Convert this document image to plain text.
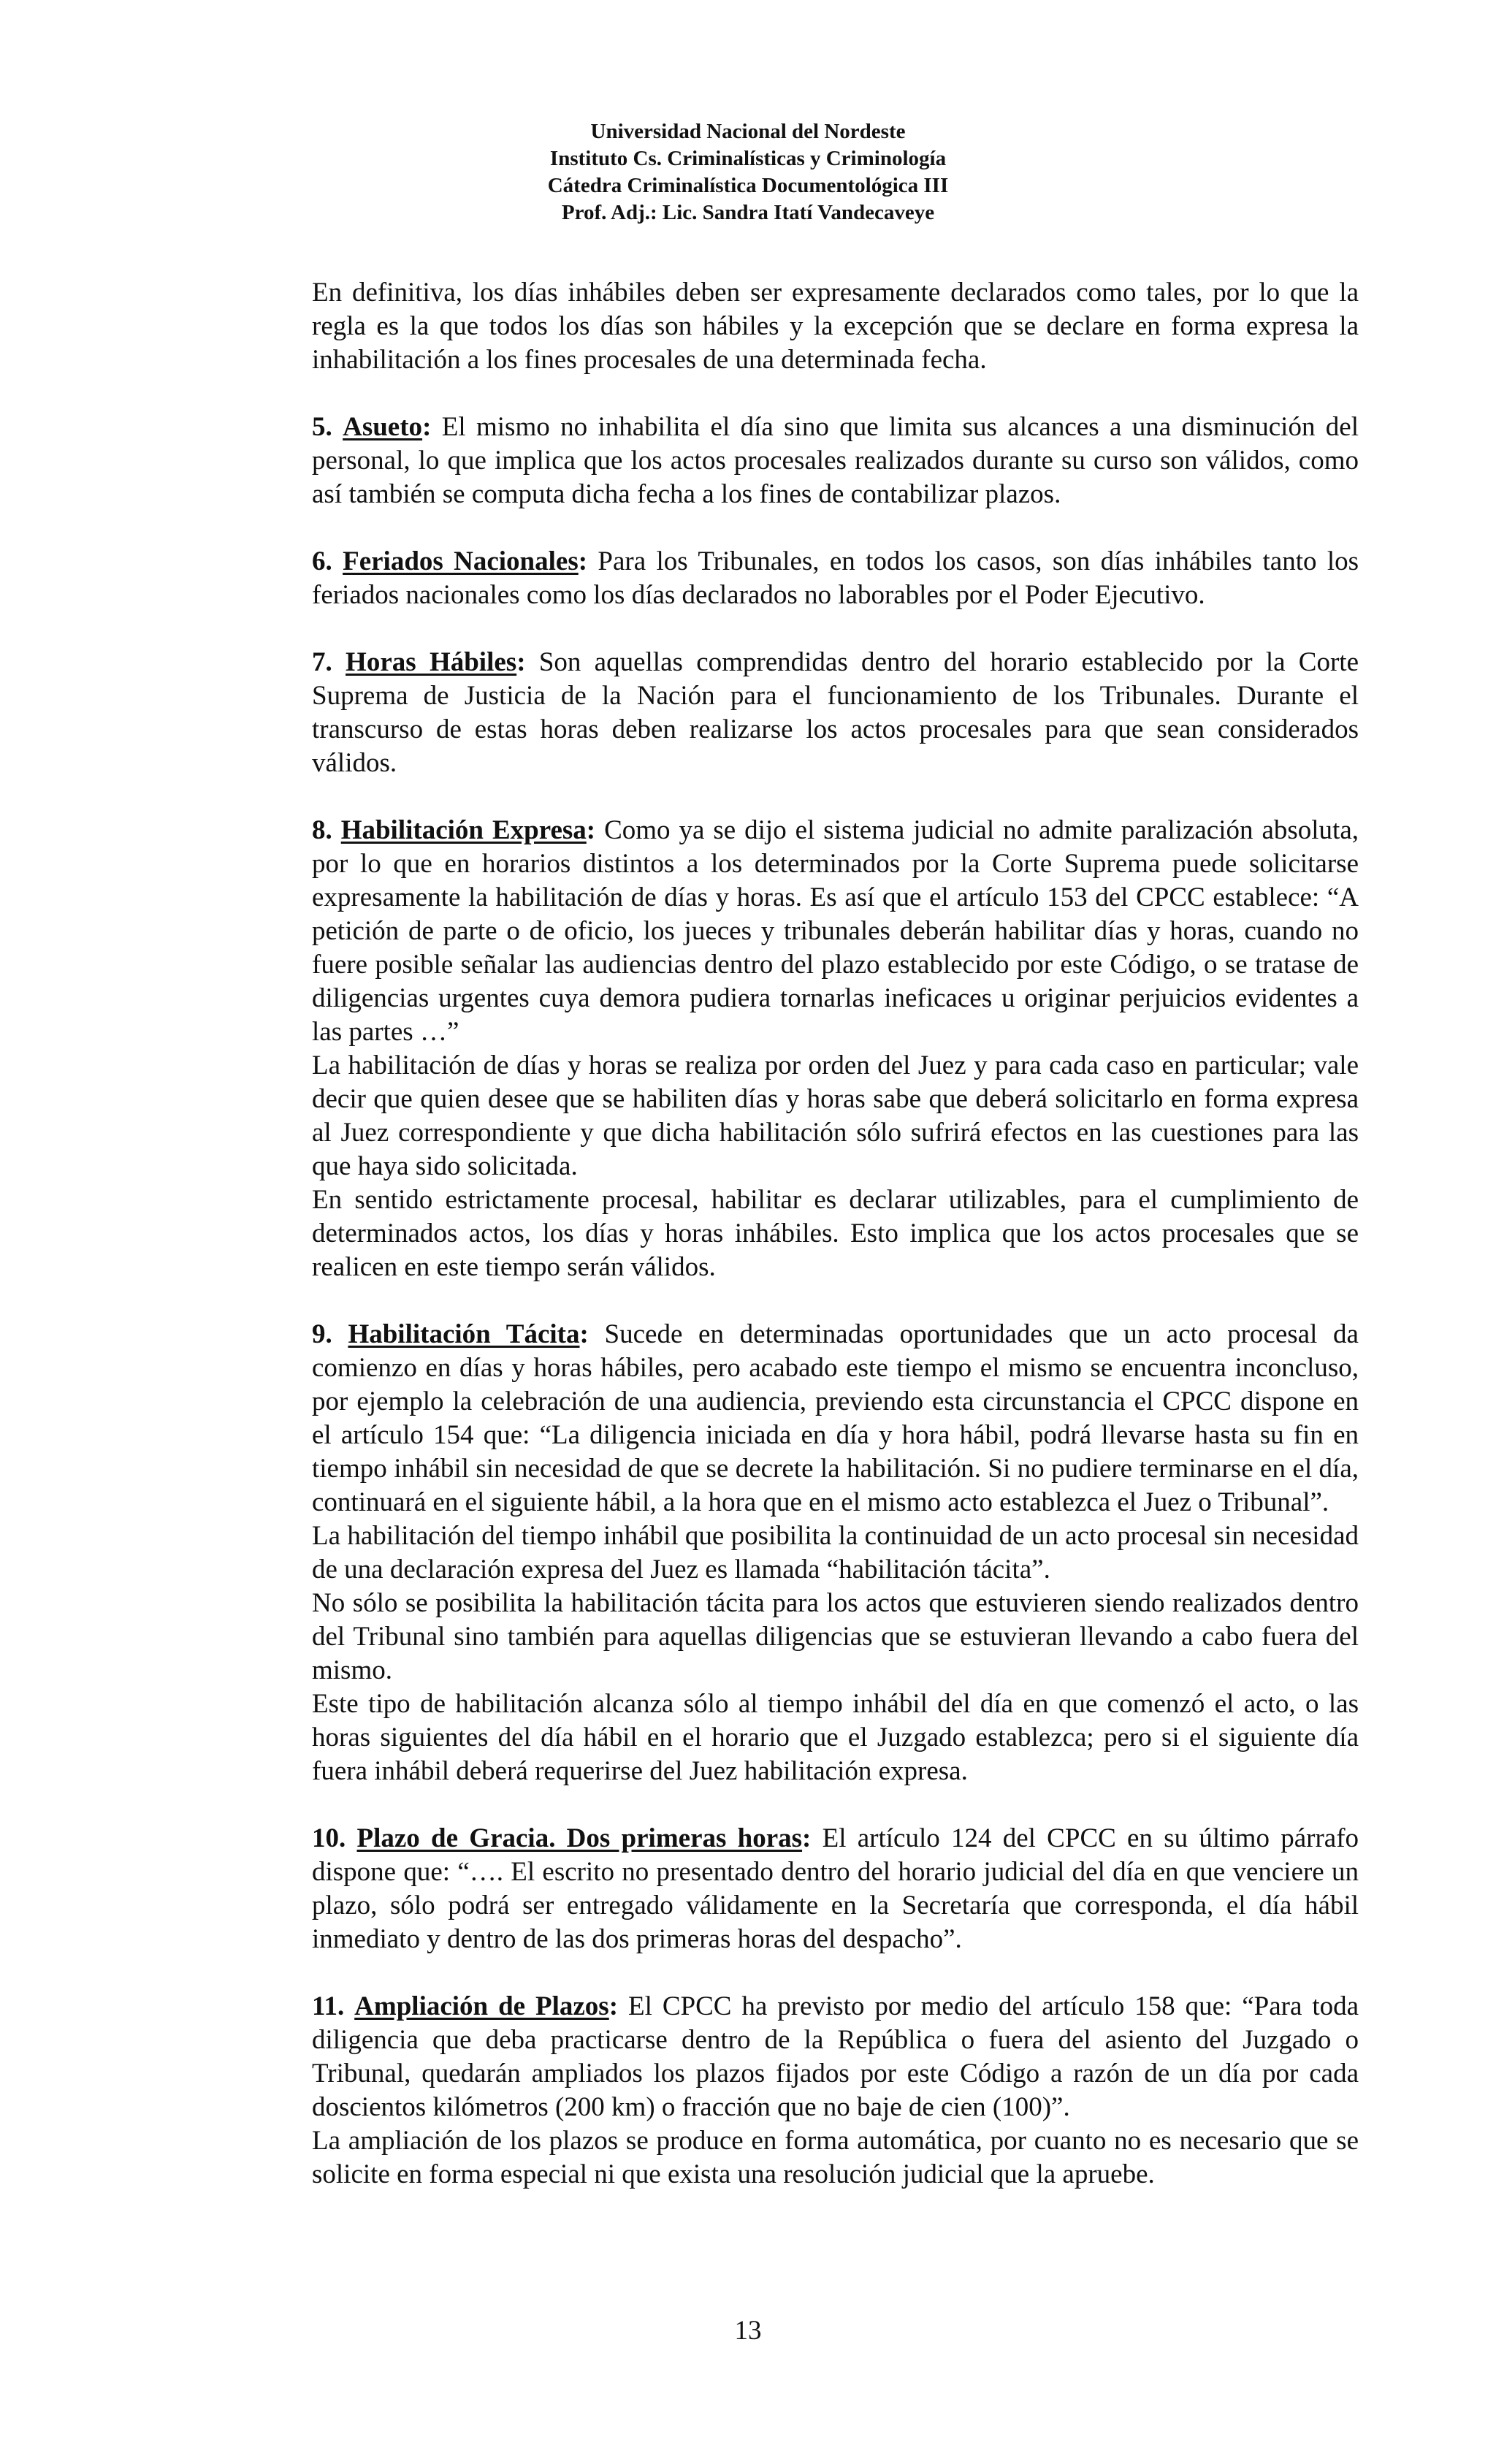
Universidad Nacional del Nordeste
Instituto Cs. Criminalísticas y Criminología
Cátedra Criminalística Documentológica III
Prof. Adj.: Lic. Sandra Itatí Vandecaveye

En definitiva, los días inhábiles deben ser expresamente declarados como tales, por lo que la regla es la que todos los días son hábiles y la excepción que se declare en forma expresa la inhabilitación a los fines procesales de una determinada fecha.

5. Asueto: El mismo no inhabilita el día sino que limita sus alcances a una disminución del personal, lo que implica que los actos procesales realizados durante su curso son válidos, como así también se computa dicha fecha a los fines de contabilizar plazos.

6. Feriados Nacionales: Para los Tribunales, en todos los casos, son días inhábiles tanto los feriados nacionales como los días declarados no laborables por el Poder Ejecutivo.

7. Horas Hábiles: Son aquellas comprendidas dentro del horario establecido por la Corte Suprema de Justicia de la Nación para el funcionamiento de los Tribunales. Durante el transcurso de estas horas deben realizarse los actos procesales para que sean considerados válidos.

8. Habilitación Expresa: Como ya se dijo el sistema judicial no admite paralización absoluta, por lo que en horarios distintos a los determinados por la Corte Suprema puede solicitarse expresamente la habilitación de días y horas. Es así que el artículo 153 del CPCC establece: “A petición de parte o de oficio, los jueces y tribunales deberán habilitar días y horas, cuando no fuere posible señalar las audiencias dentro del plazo establecido por este Código, o se tratase de diligencias urgentes cuya demora pudiera tornarlas ineficaces u originar perjuicios evidentes a las partes …”

La habilitación de días y horas se realiza por orden del Juez y para cada caso en particular; vale decir que quien desee que se habiliten días y horas sabe que deberá solicitarlo en forma expresa al Juez correspondiente y que dicha habilitación sólo sufrirá efectos en las cuestiones para las que haya sido solicitada.

En sentido estrictamente procesal, habilitar es declarar utilizables, para el cumplimiento de determinados actos, los días y horas inhábiles. Esto implica que los actos procesales que se realicen en este tiempo serán válidos.

9. Habilitación Tácita: Sucede en determinadas oportunidades que un acto procesal da comienzo en días y horas hábiles, pero acabado este tiempo el mismo se encuentra inconcluso, por ejemplo la celebración de una audiencia, previendo esta circunstancia el CPCC dispone en el artículo 154 que: “La diligencia iniciada en día y hora hábil, podrá llevarse hasta su fin en tiempo inhábil sin necesidad de que se decrete la habilitación. Si no pudiere terminarse en el día, continuará en el siguiente hábil, a la hora que en el mismo acto establezca el Juez o Tribunal”.

La habilitación del tiempo inhábil que posibilita la continuidad de un acto procesal sin necesidad de una declaración expresa del Juez es llamada “habilitación tácita”.

No sólo se posibilita la habilitación tácita para los actos que estuvieren siendo realizados dentro del Tribunal sino también para aquellas diligencias que se estuvieran llevando a cabo fuera del mismo.

Este tipo de habilitación alcanza sólo al tiempo inhábil del día en que comenzó el acto, o las horas siguientes del día hábil en el horario que el Juzgado establezca; pero si el siguiente día fuera inhábil deberá requerirse del Juez habilitación expresa.

10. Plazo de Gracia. Dos primeras horas: El artículo 124 del CPCC en su último párrafo dispone que: “…. El escrito no presentado dentro del horario judicial del día en que venciere un plazo, sólo podrá ser entregado válidamente en la Secretaría que corresponda, el día hábil inmediato y dentro de las dos primeras horas del despacho”.

11. Ampliación de Plazos: El CPCC ha previsto por medio del artículo 158 que: “Para toda diligencia que deba practicarse dentro de la República o fuera del asiento del Juzgado o Tribunal, quedarán ampliados los plazos fijados por este Código a razón de un día por cada doscientos kilómetros (200 km) o fracción que no baje de cien (100)”.

La ampliación de los plazos se produce en forma automática, por cuanto no es necesario que se solicite en forma especial ni que exista una resolución judicial que la apruebe.

13
